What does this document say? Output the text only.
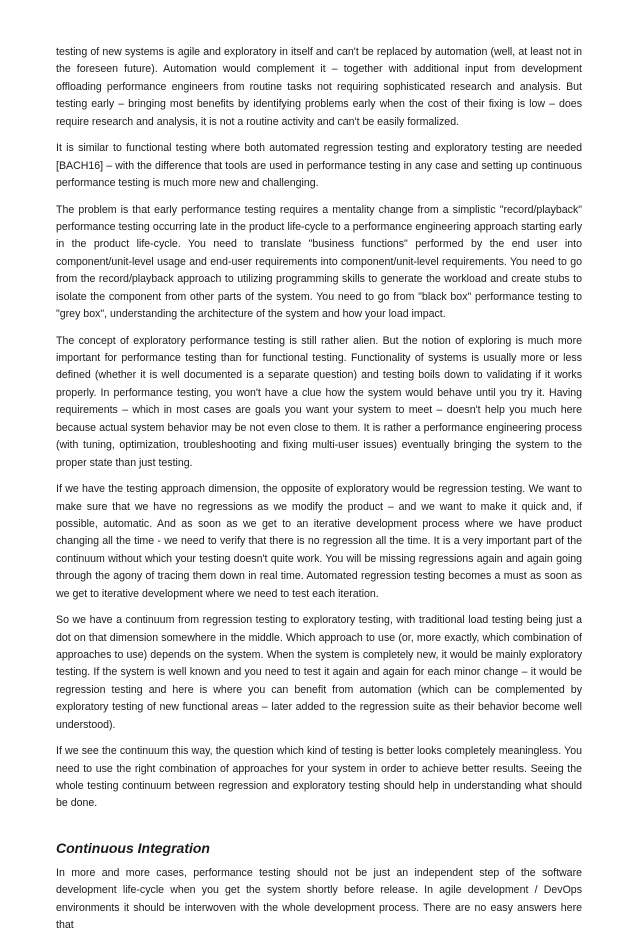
testing of new systems is agile and exploratory in itself and can't be replaced by automation (well, at least not in the foreseen future). Automation would complement it – together with additional input from development offloading performance engineers from routine tasks not requiring sophisticated research and analysis. But testing early – bringing most benefits by identifying problems early when the cost of their fixing is low – does require research and analysis, it is not a routine activity and can't be easily formalized.

It is similar to functional testing where both automated regression testing and exploratory testing are needed [BACH16] – with the difference that tools are used in performance testing in any case and setting up continuous performance testing is much more new and challenging.

The problem is that early performance testing requires a mentality change from a simplistic "record/playback" performance testing occurring late in the product life-cycle to a performance engineering approach starting early in the product life-cycle. You need to translate "business functions" performed by the end user into component/unit-level usage and end-user requirements into component/unit-level requirements. You need to go from the record/playback approach to utilizing programming skills to generate the workload and create stubs to isolate the component from other parts of the system. You need to go from "black box" performance testing to "grey box", understanding the architecture of the system and how your load impact.

The concept of exploratory performance testing is still rather alien. But the notion of exploring is much more important for performance testing than for functional testing. Functionality of systems is usually more or less defined (whether it is well documented is a separate question) and testing boils down to validating if it works properly. In performance testing, you won't have a clue how the system would behave until you try it. Having requirements – which in most cases are goals you want your system to meet – doesn't help you much here because actual system behavior may be not even close to them. It is rather a performance engineering process (with tuning, optimization, troubleshooting and fixing multi-user issues) eventually bringing the system to the proper state than just testing.

If we have the testing approach dimension, the opposite of exploratory would be regression testing. We want to make sure that we have no regressions as we modify the product – and we want to make it quick and, if possible, automatic. And as soon as we get to an iterative development process where we have product changing all the time - we need to verify that there is no regression all the time. It is a very important part of the continuum without which your testing doesn't quite work. You will be missing regressions again and again going through the agony of tracing them down in real time. Automated regression testing becomes a must as soon as we get to iterative development where we need to test each iteration.

So we have a continuum from regression testing to exploratory testing, with traditional load testing being just a dot on that dimension somewhere in the middle. Which approach to use (or, more exactly, which combination of approaches to use) depends on the system. When the system is completely new, it would be mainly exploratory testing. If the system is well known and you need to test it again and again for each minor change – it would be regression testing and here is where you can benefit from automation (which can be complemented by exploratory testing of new functional areas – later added to the regression suite as their behavior become well understood).

If we see the continuum this way, the question which kind of testing is better looks completely meaningless. You need to use the right combination of approaches for your system in order to achieve better results. Seeing the whole testing continuum between regression and exploratory testing should help in understanding what should be done.

Continuous Integration

In more and more cases, performance testing should not be just an independent step of the software development life-cycle when you get the system shortly before release. In agile development / DevOps environments it should be interwoven with the whole development process. There are no easy answers here that
